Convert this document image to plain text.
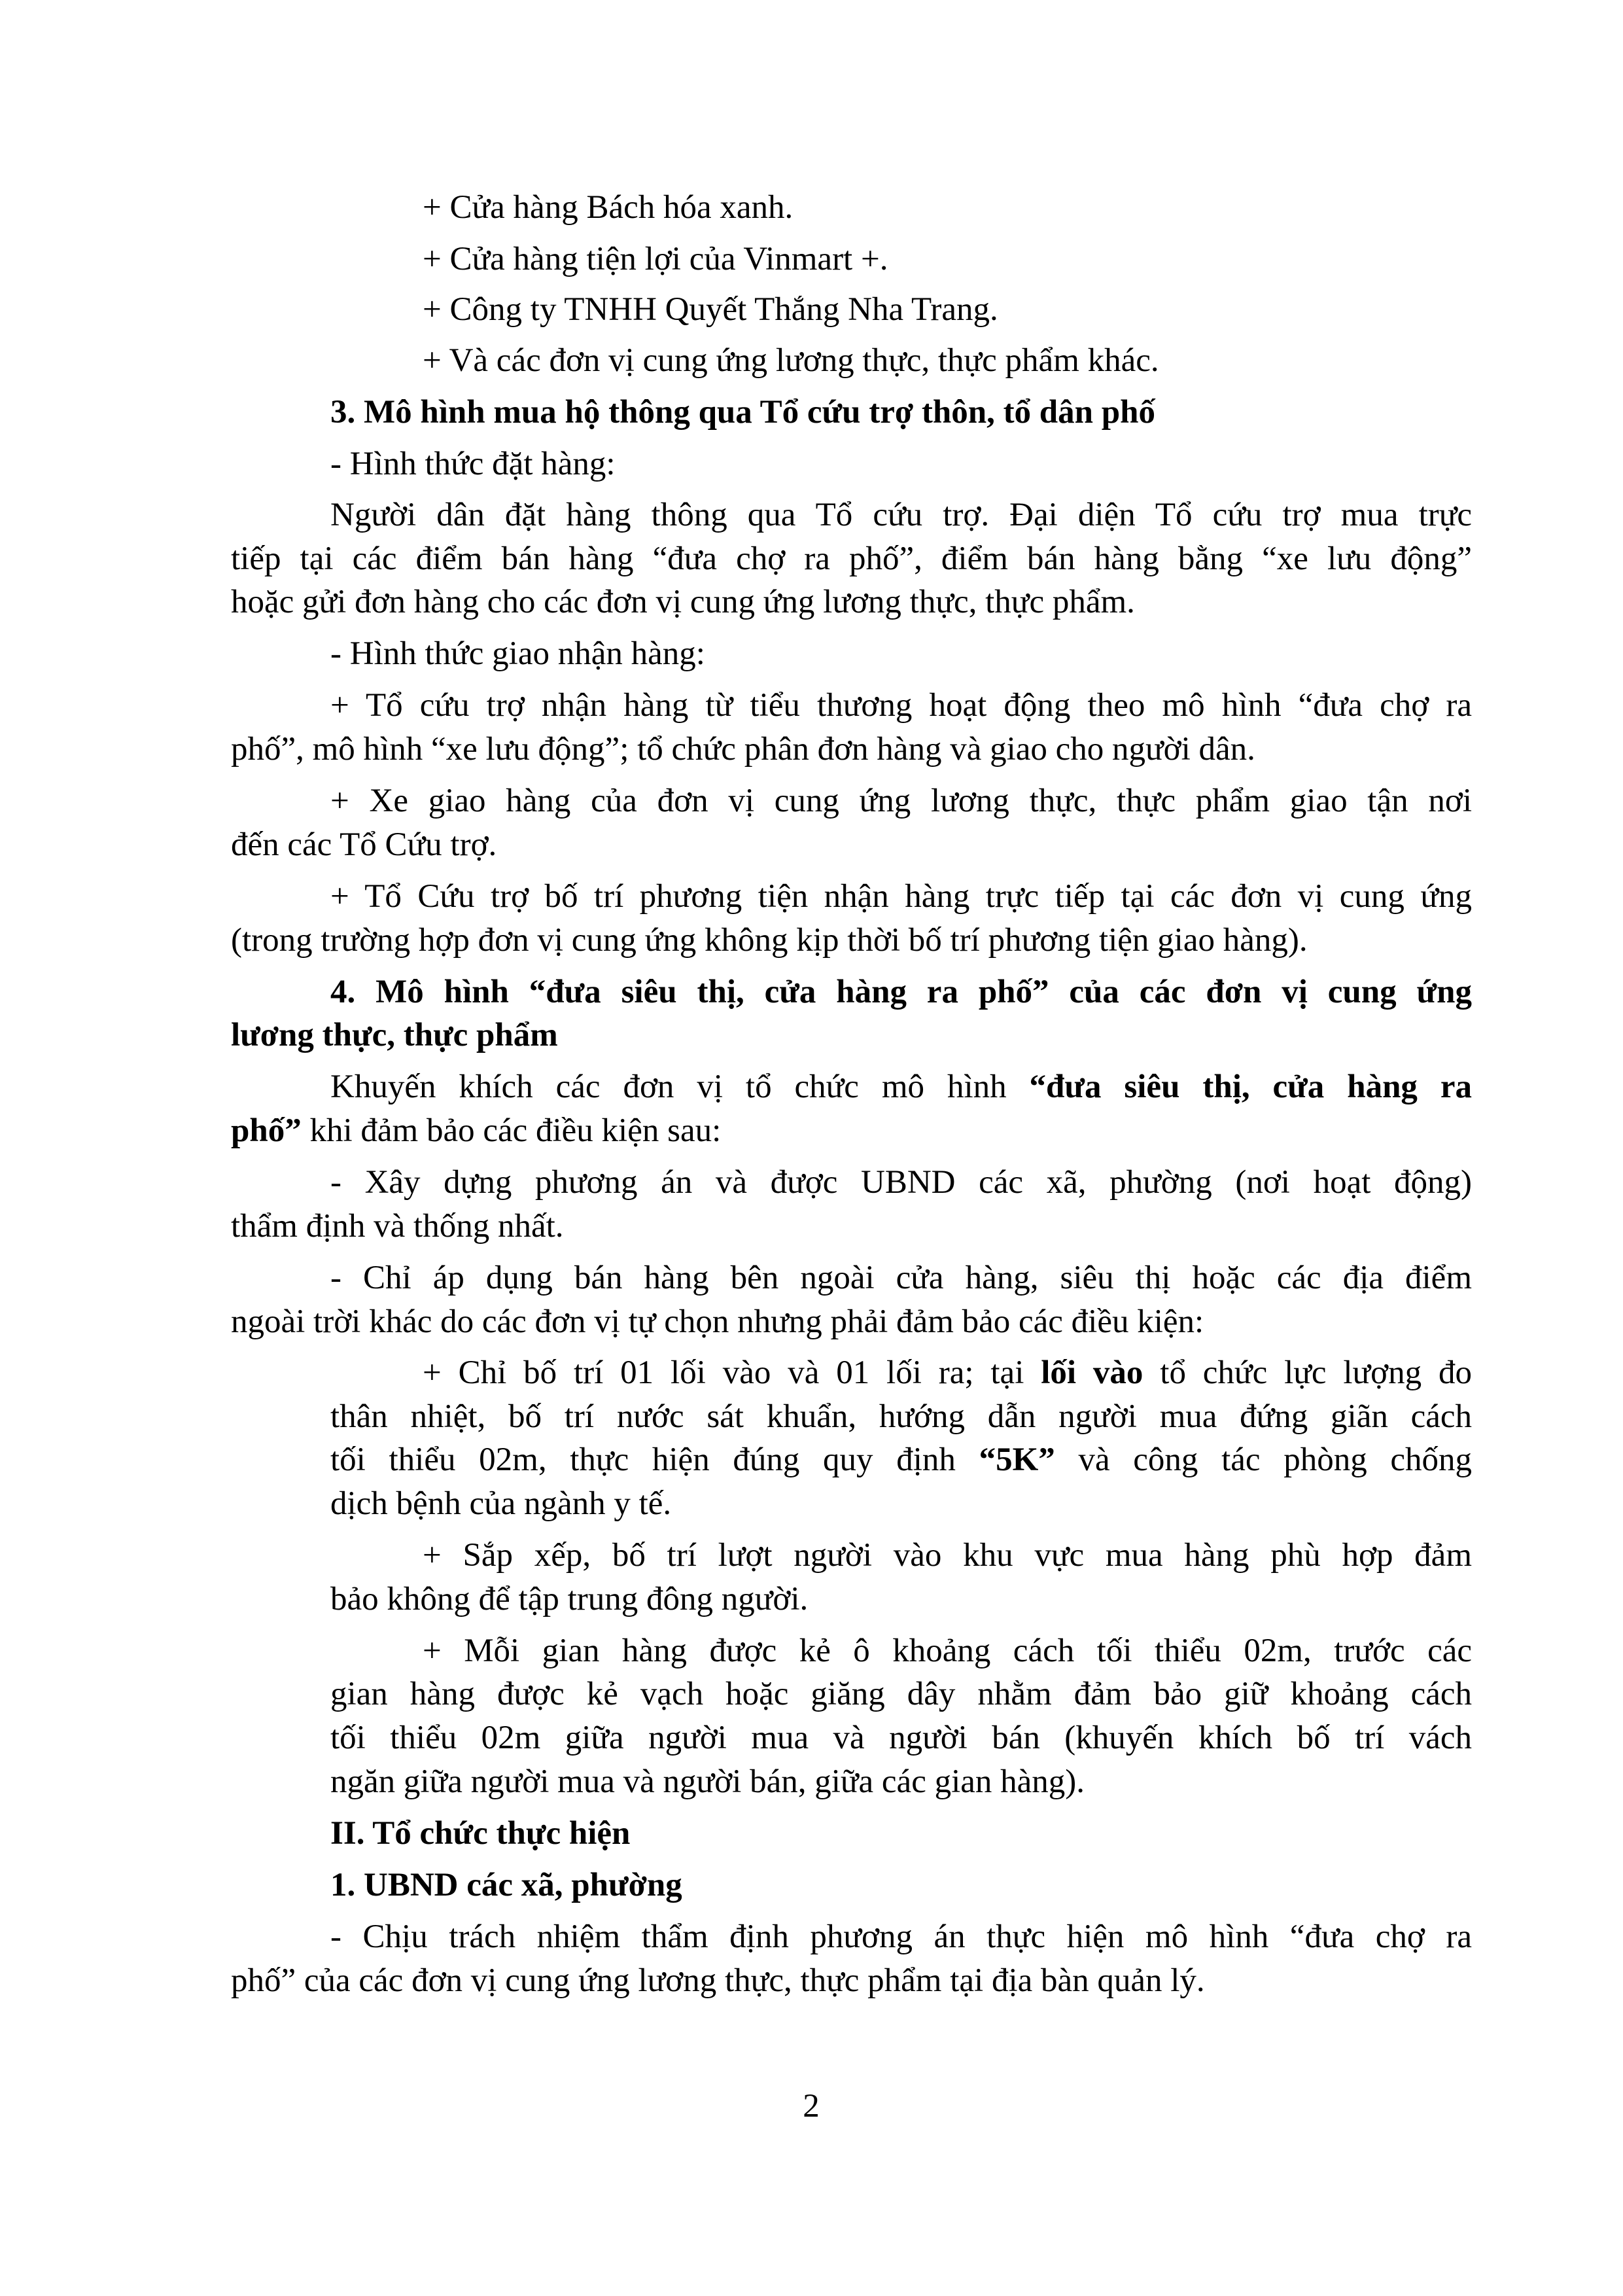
+ Cửa hàng Bách hóa xanh.
+ Cửa hàng tiện lợi của Vinmart +.
+ Công ty TNHH Quyết Thắng Nha Trang.
+ Và các đơn vị cung ứng lương thực, thực phẩm khác.
3. Mô hình mua hộ thông qua Tổ cứu trợ thôn, tổ dân phố
- Hình thức đặt hàng:
Người dân đặt hàng thông qua Tổ cứu trợ. Đại diện Tổ cứu trợ mua trực
tiếp tại các điểm bán hàng “đưa chợ ra phố”, điểm bán hàng bằng “xe lưu động”
hoặc gửi đơn hàng cho các đơn vị cung ứng lương thực, thực phẩm.
- Hình thức giao nhận hàng:
+ Tổ cứu trợ nhận hàng từ tiểu thương hoạt động theo mô hình “đưa chợ ra
phố”, mô hình “xe lưu động”; tổ chức phân đơn hàng và giao cho người dân.
+ Xe giao hàng của đơn vị cung ứng lương thực, thực phẩm giao tận nơi
đến các Tổ Cứu trợ.
+ Tổ Cứu trợ bố trí phương tiện nhận hàng trực tiếp tại các đơn vị cung ứng
(trong trường hợp đơn vị cung ứng không kịp thời bố trí phương tiện giao hàng).
4. Mô hình “đưa siêu thị, cửa hàng ra phố” của các đơn vị cung ứng
lương thực, thực phẩm
Khuyến khích các đơn vị tổ chức mô hình “đưa siêu thị, cửa hàng ra
phố” khi đảm bảo các điều kiện sau:
- Xây dựng phương án và được UBND các xã, phường (nơi hoạt động)
thẩm định và thống nhất.
- Chỉ áp dụng bán hàng bên ngoài cửa hàng, siêu thị hoặc các địa điểm
ngoài trời khác do các đơn vị tự chọn nhưng phải đảm bảo các điều kiện:
+ Chỉ bố trí 01 lối vào và 01 lối ra; tại lối vào tổ chức lực lượng đo
thân nhiệt, bố trí nước sát khuẩn, hướng dẫn người mua đứng giãn cách
tối thiểu 02m, thực hiện đúng quy định “5K” và công tác phòng chống
dịch bệnh của ngành y tế.
+ Sắp xếp, bố trí lượt người vào khu vực mua hàng phù hợp đảm
bảo không để tập trung đông người.
+ Mỗi gian hàng được kẻ ô khoảng cách tối thiểu 02m, trước các
gian hàng được kẻ vạch hoặc giăng dây nhằm đảm bảo giữ khoảng cách
tối thiểu 02m giữa người mua và người bán (khuyến khích bố trí vách
ngăn giữa người mua và người bán, giữa các gian hàng).
II. Tổ chức thực hiện
1. UBND các xã, phường
- Chịu trách nhiệm thẩm định phương án thực hiện mô hình “đưa chợ ra
phố” của các đơn vị cung ứng lương thực, thực phẩm tại địa bàn quản lý.
2
